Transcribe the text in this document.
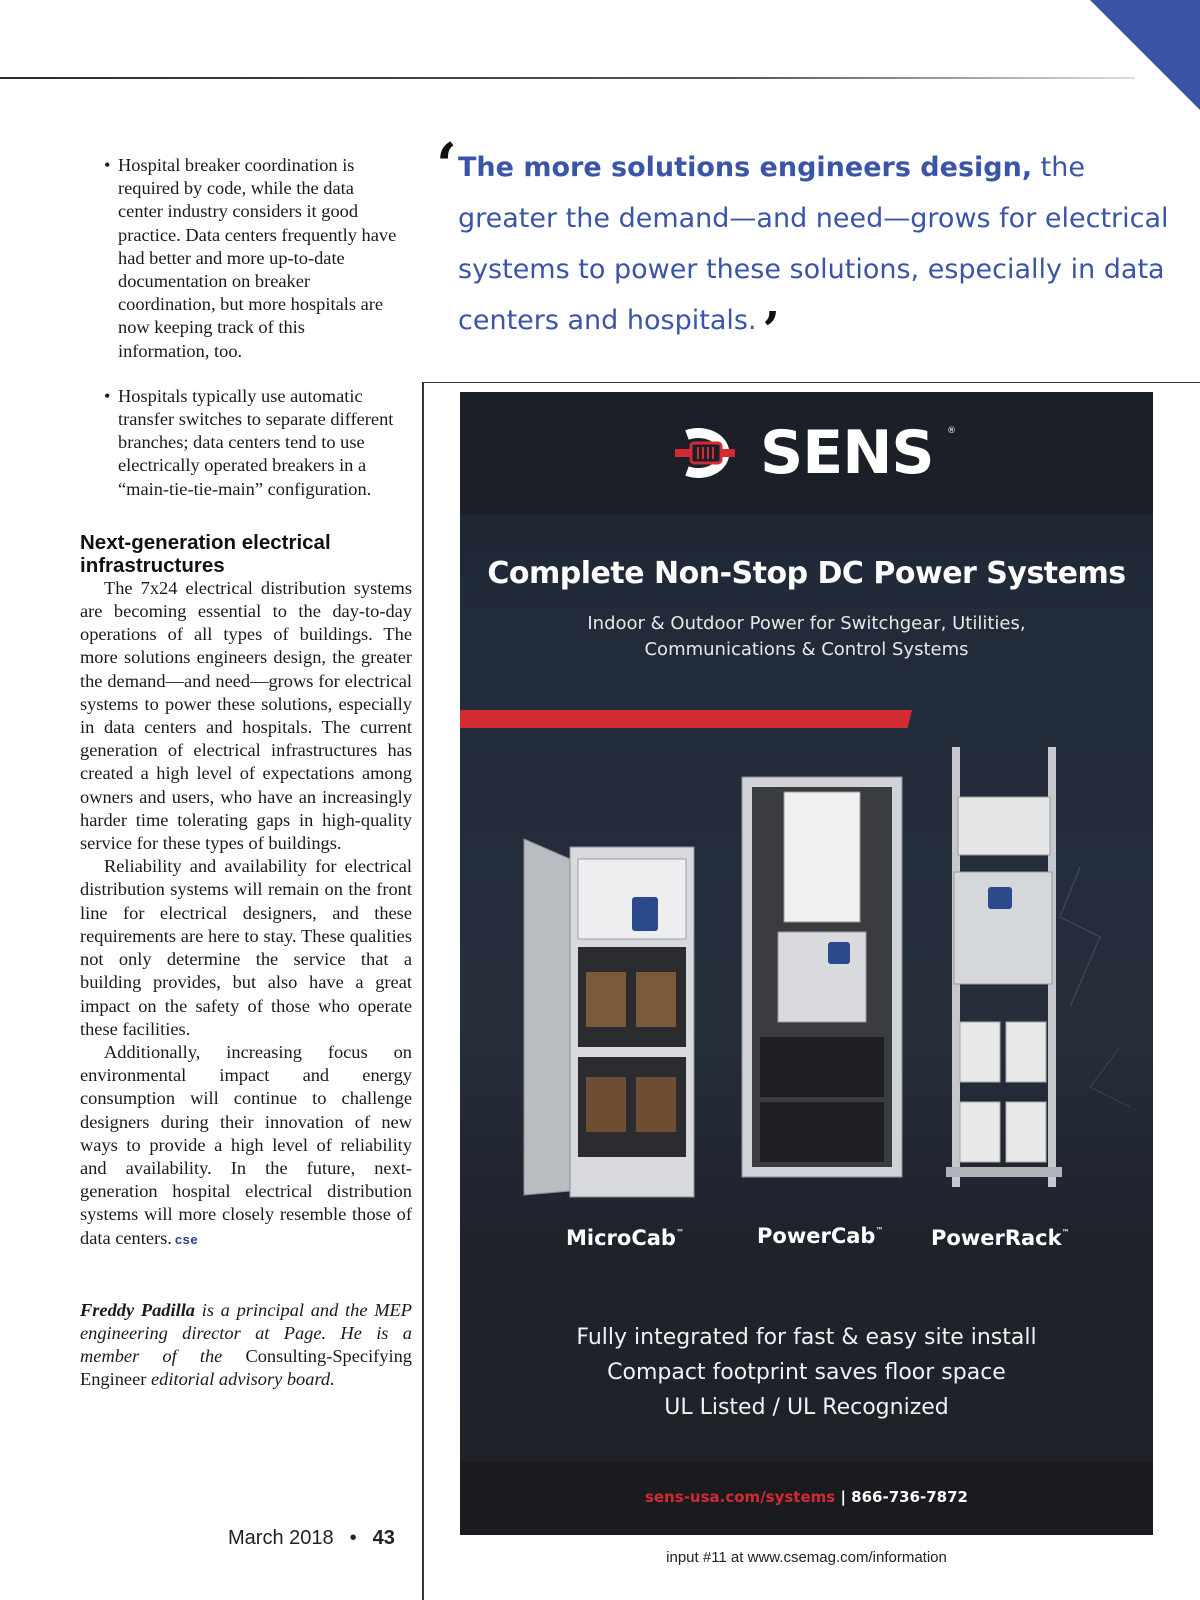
• Hospital breaker coordination is required by code, while the data center industry considers it good practice. Data centers frequently have had better and more up-to-date documentation on breaker coordination, but more hospitals are now keeping track of this information, too.
• Hospitals typically use automatic transfer switches to separate different branches; data centers tend to use electrically operated breakers in a “main-tie-tie-main” configuration.
Next-generation electrical infrastructures

The 7x24 electrical distribution systems are becoming essential to the day-to-day operations of all types of buildings. The more solutions engineers design, the greater the demand—and need—grows for electrical systems to power these solutions, especially in data centers and hospitals. The current generation of electrical infrastructures has created a high level of expectations among owners and users, who have an increasingly harder time tolerating gaps in high-quality service for these types of buildings.

Reliability and availability for electrical distribution systems will remain on the front line for electrical designers, and these requirements are here to stay. These qualities not only determine the service that a building provides, but also have a great impact on the safety of those who operate these facilities.

Additionally, increasing focus on environmental impact and energy consumption will continue to challenge designers during their innovation of new ways to provide a high level of reliability and availability. In the future, next-generation hospital electrical distribution systems will more closely resemble those of data centers. cse

Freddy Padilla is a principal and the MEP engineering director at Page. He is a member of the Consulting-Specifying Engineer editorial advisory board.
March 2018 • 43
‘ The more solutions engineers design, the greater the demand—and need—grows for electrical systems to power these solutions, especially in data centers and hospitals. ’
SENS ®
Complete Non-Stop DC Power Systems
Indoor & Outdoor Power for Switchgear, Utilities,
Communications & Control Systems
MicroCab™	PowerCab™ PowerRack™
Fully integrated for fast & easy site install
Compact footprint saves floor space
UL Listed / UL Recognized
sens-usa.com/systems | 866-736-7872
input #11 at www.csemag.com/information
